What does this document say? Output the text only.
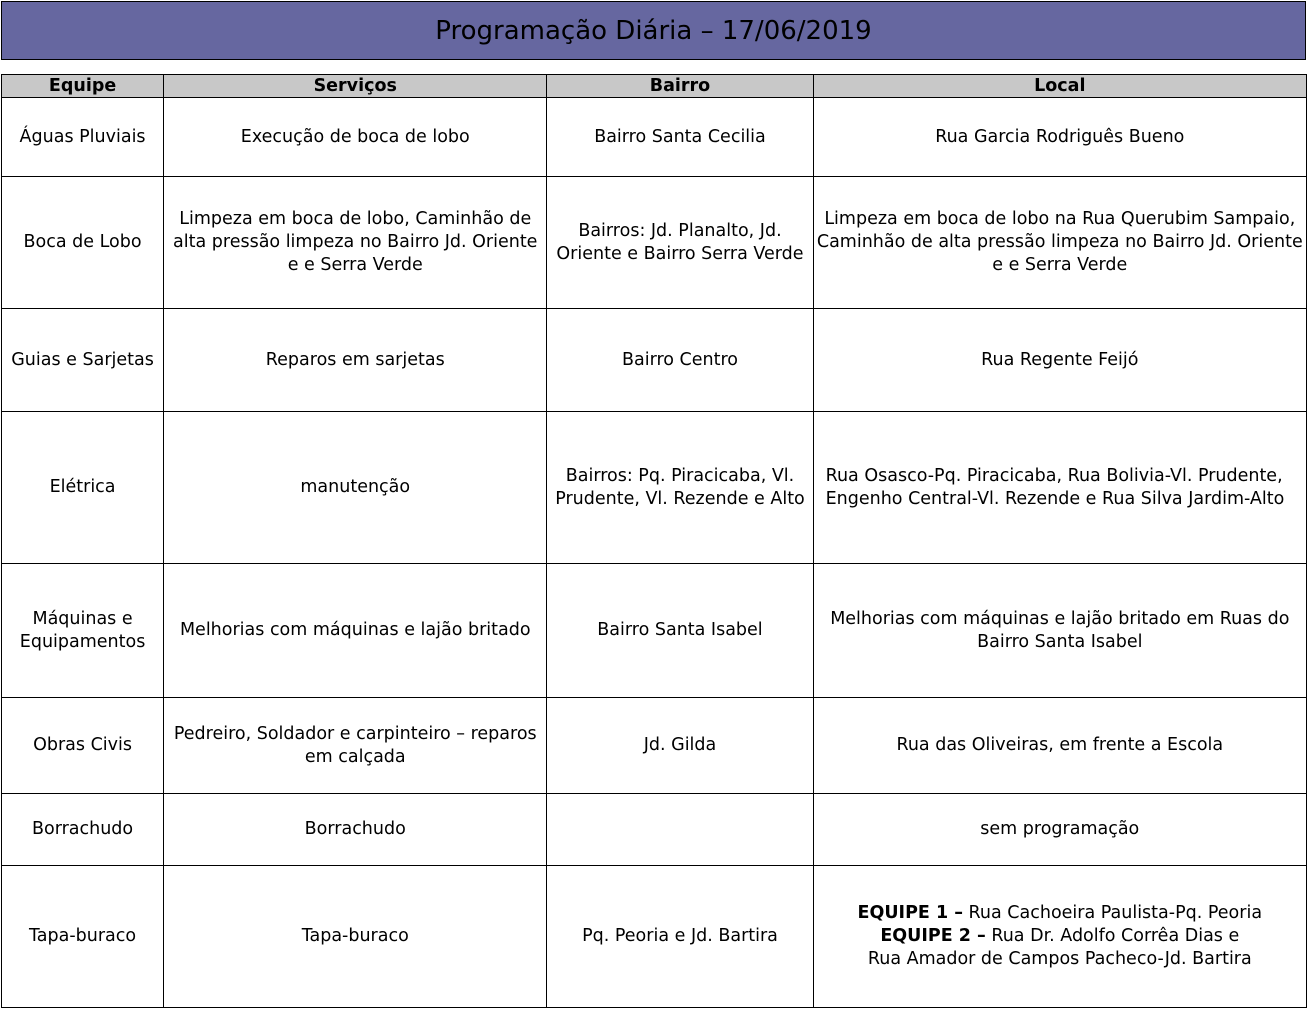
Programação Diária – 17/06/2019
Equipe	Serviços	Bairro	Local
Águas Pluviais	Execução de boca de lobo	Bairro Santa Cecilia	Rua Garcia Rodriguês Bueno
Boca de Lobo	Limpeza em boca de lobo, Caminhão de alta pressão limpeza no Bairro Jd. Oriente e e Serra Verde	Bairros: Jd. Planalto, Jd. Oriente e Bairro Serra Verde	Limpeza em boca de lobo na Rua Querubim Sampaio, Caminhão de alta pressão limpeza no Bairro Jd. Oriente e e Serra Verde
Guias e Sarjetas	Reparos em sarjetas	Bairro Centro	Rua Regente Feijó
Elétrica	manutenção	Bairros: Pq. Piracicaba, Vl. Prudente, Vl. Rezende e Alto	Rua Osasco-Pq. Piracicaba, Rua Bolivia-Vl. Prudente, Engenho Central-Vl. Rezende e Rua Silva Jardim-Alto
Máquinas e Equipamentos	Melhorias com máquinas e lajão britado	Bairro Santa Isabel	Melhorias com máquinas e lajão britado em Ruas do Bairro Santa Isabel
Obras Civis	Pedreiro, Soldador e carpinteiro – reparos em calçada	Jd. Gilda	Rua das Oliveiras, em frente a Escola
Borrachudo	Borrachudo		sem programação
Tapa-buraco	Tapa-buraco	Pq. Peoria e Jd. Bartira	EQUIPE 1 – Rua Cachoeira Paulista-Pq. Peoria
EQUIPE 2 – Rua Dr. Adolfo Corrêa Dias e
Rua Amador de Campos Pacheco-Jd. Bartira
